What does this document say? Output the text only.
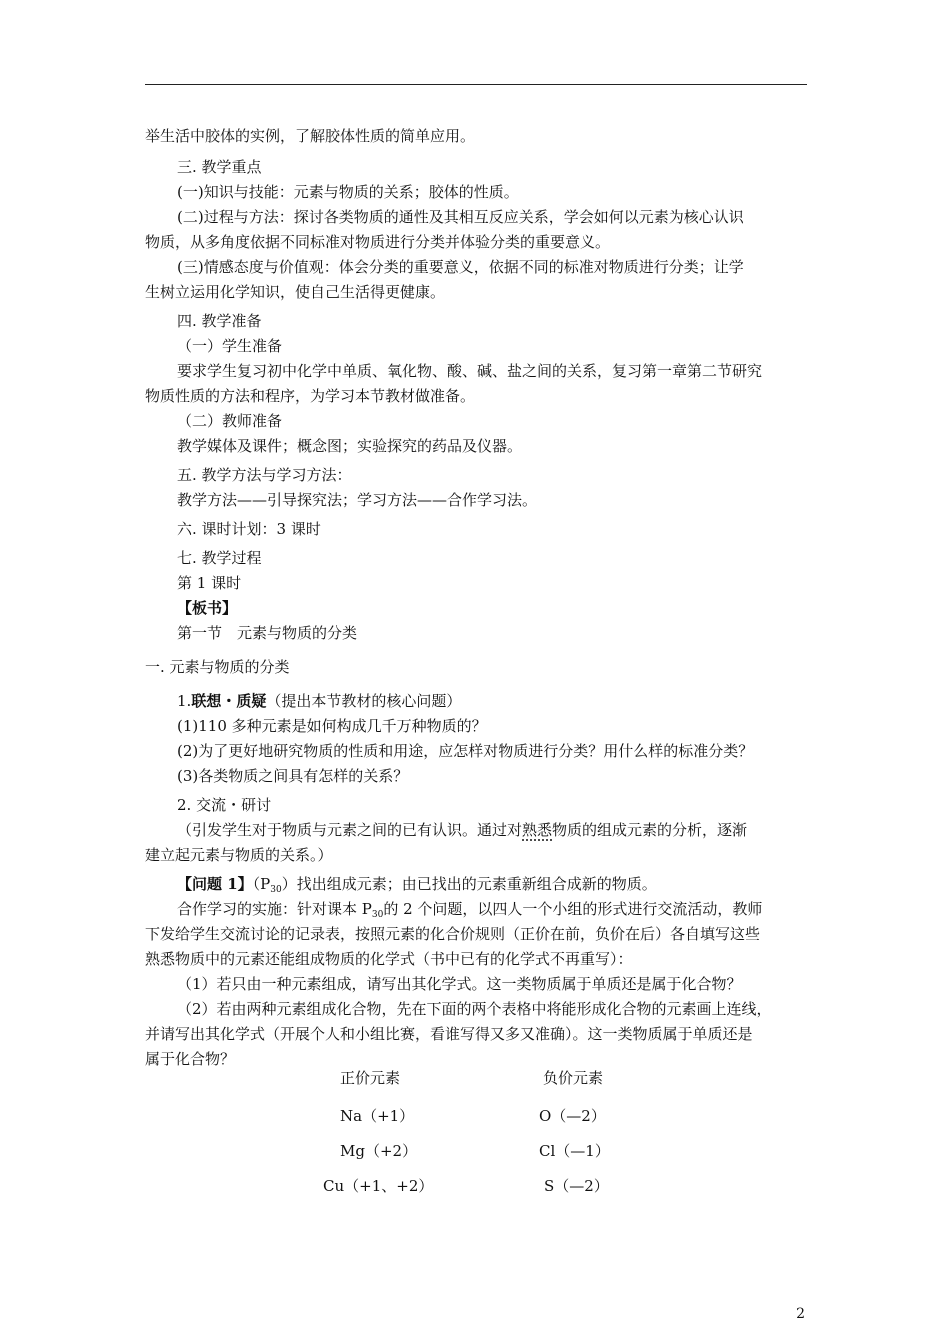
举生活中胶体的实例，了解胶体性质的简单应用。
三. 教学重点
(一)知识与技能：元素与物质的关系；胶体的性质。
(二)过程与方法：探讨各类物质的通性及其相互反应关系，学会如何以元素为核心认识
物质，从多角度依据不同标准对物质进行分类并体验分类的重要意义。
(三)情感态度与价值观：体会分类的重要意义，依据不同的标准对物质进行分类；让学
生树立运用化学知识，使自己生活得更健康。
四. 教学准备
（一）学生准备
要求学生复习初中化学中单质、氧化物、酸、碱、盐之间的关系，复习第一章第二节研究
物质性质的方法和程序，为学习本节教材做准备。
（二）教师准备
教学媒体及课件；概念图；实验探究的药品及仪器。
五. 教学方法与学习方法：
教学方法——引导探究法；学习方法——合作学习法。
六. 课时计划：3 课时
七. 教学过程
第 1 课时
【板书】
第一节　元素与物质的分类
一. 元素与物质的分类
1.联想・质疑（提出本节教材的核心问题）
(1)110 多种元素是如何构成几千万种物质的？
(2)为了更好地研究物质的性质和用途，应怎样对物质进行分类？用什么样的标准分类？
(3)各类物质之间具有怎样的关系？
2. 交流・研讨
（引发学生对于物质与元素之间的已有认识。通过对熟悉物质的组成元素的分析，逐渐
建立起元素与物质的关系。）
【问题 1】$(P_{30})$找出组成元素；由已找出的元素重新组合成新的物质。
合作学习的实施：针对课本 $P_{30}$的 2 个问题，以四人一个小组的形式进行交流活动，教师
下发给学生交流讨论的记录表，按照元素的化合价规则（正价在前，负价在后）各自填写这些
熟悉物质中的元素还能组成物质的化学式（书中已有的化学式不再重写）：
（1）若只由一种元素组成，请写出其化学式。这一类物质属于单质还是属于化合物？
（2）若由两种元素组成化合物，先在下面的两个表格中将能形成化合物的元素画上连线，
并请写出其化学式（开展个人和小组比赛，看谁写得又多又准确）。这一类物质属于单质还是
属于化合物？
正价元素	负价元素
Na（+1）	O（—2）
Mg（+2）	Cl（—1）
Cu（+1、+2）	S（—2）
2
